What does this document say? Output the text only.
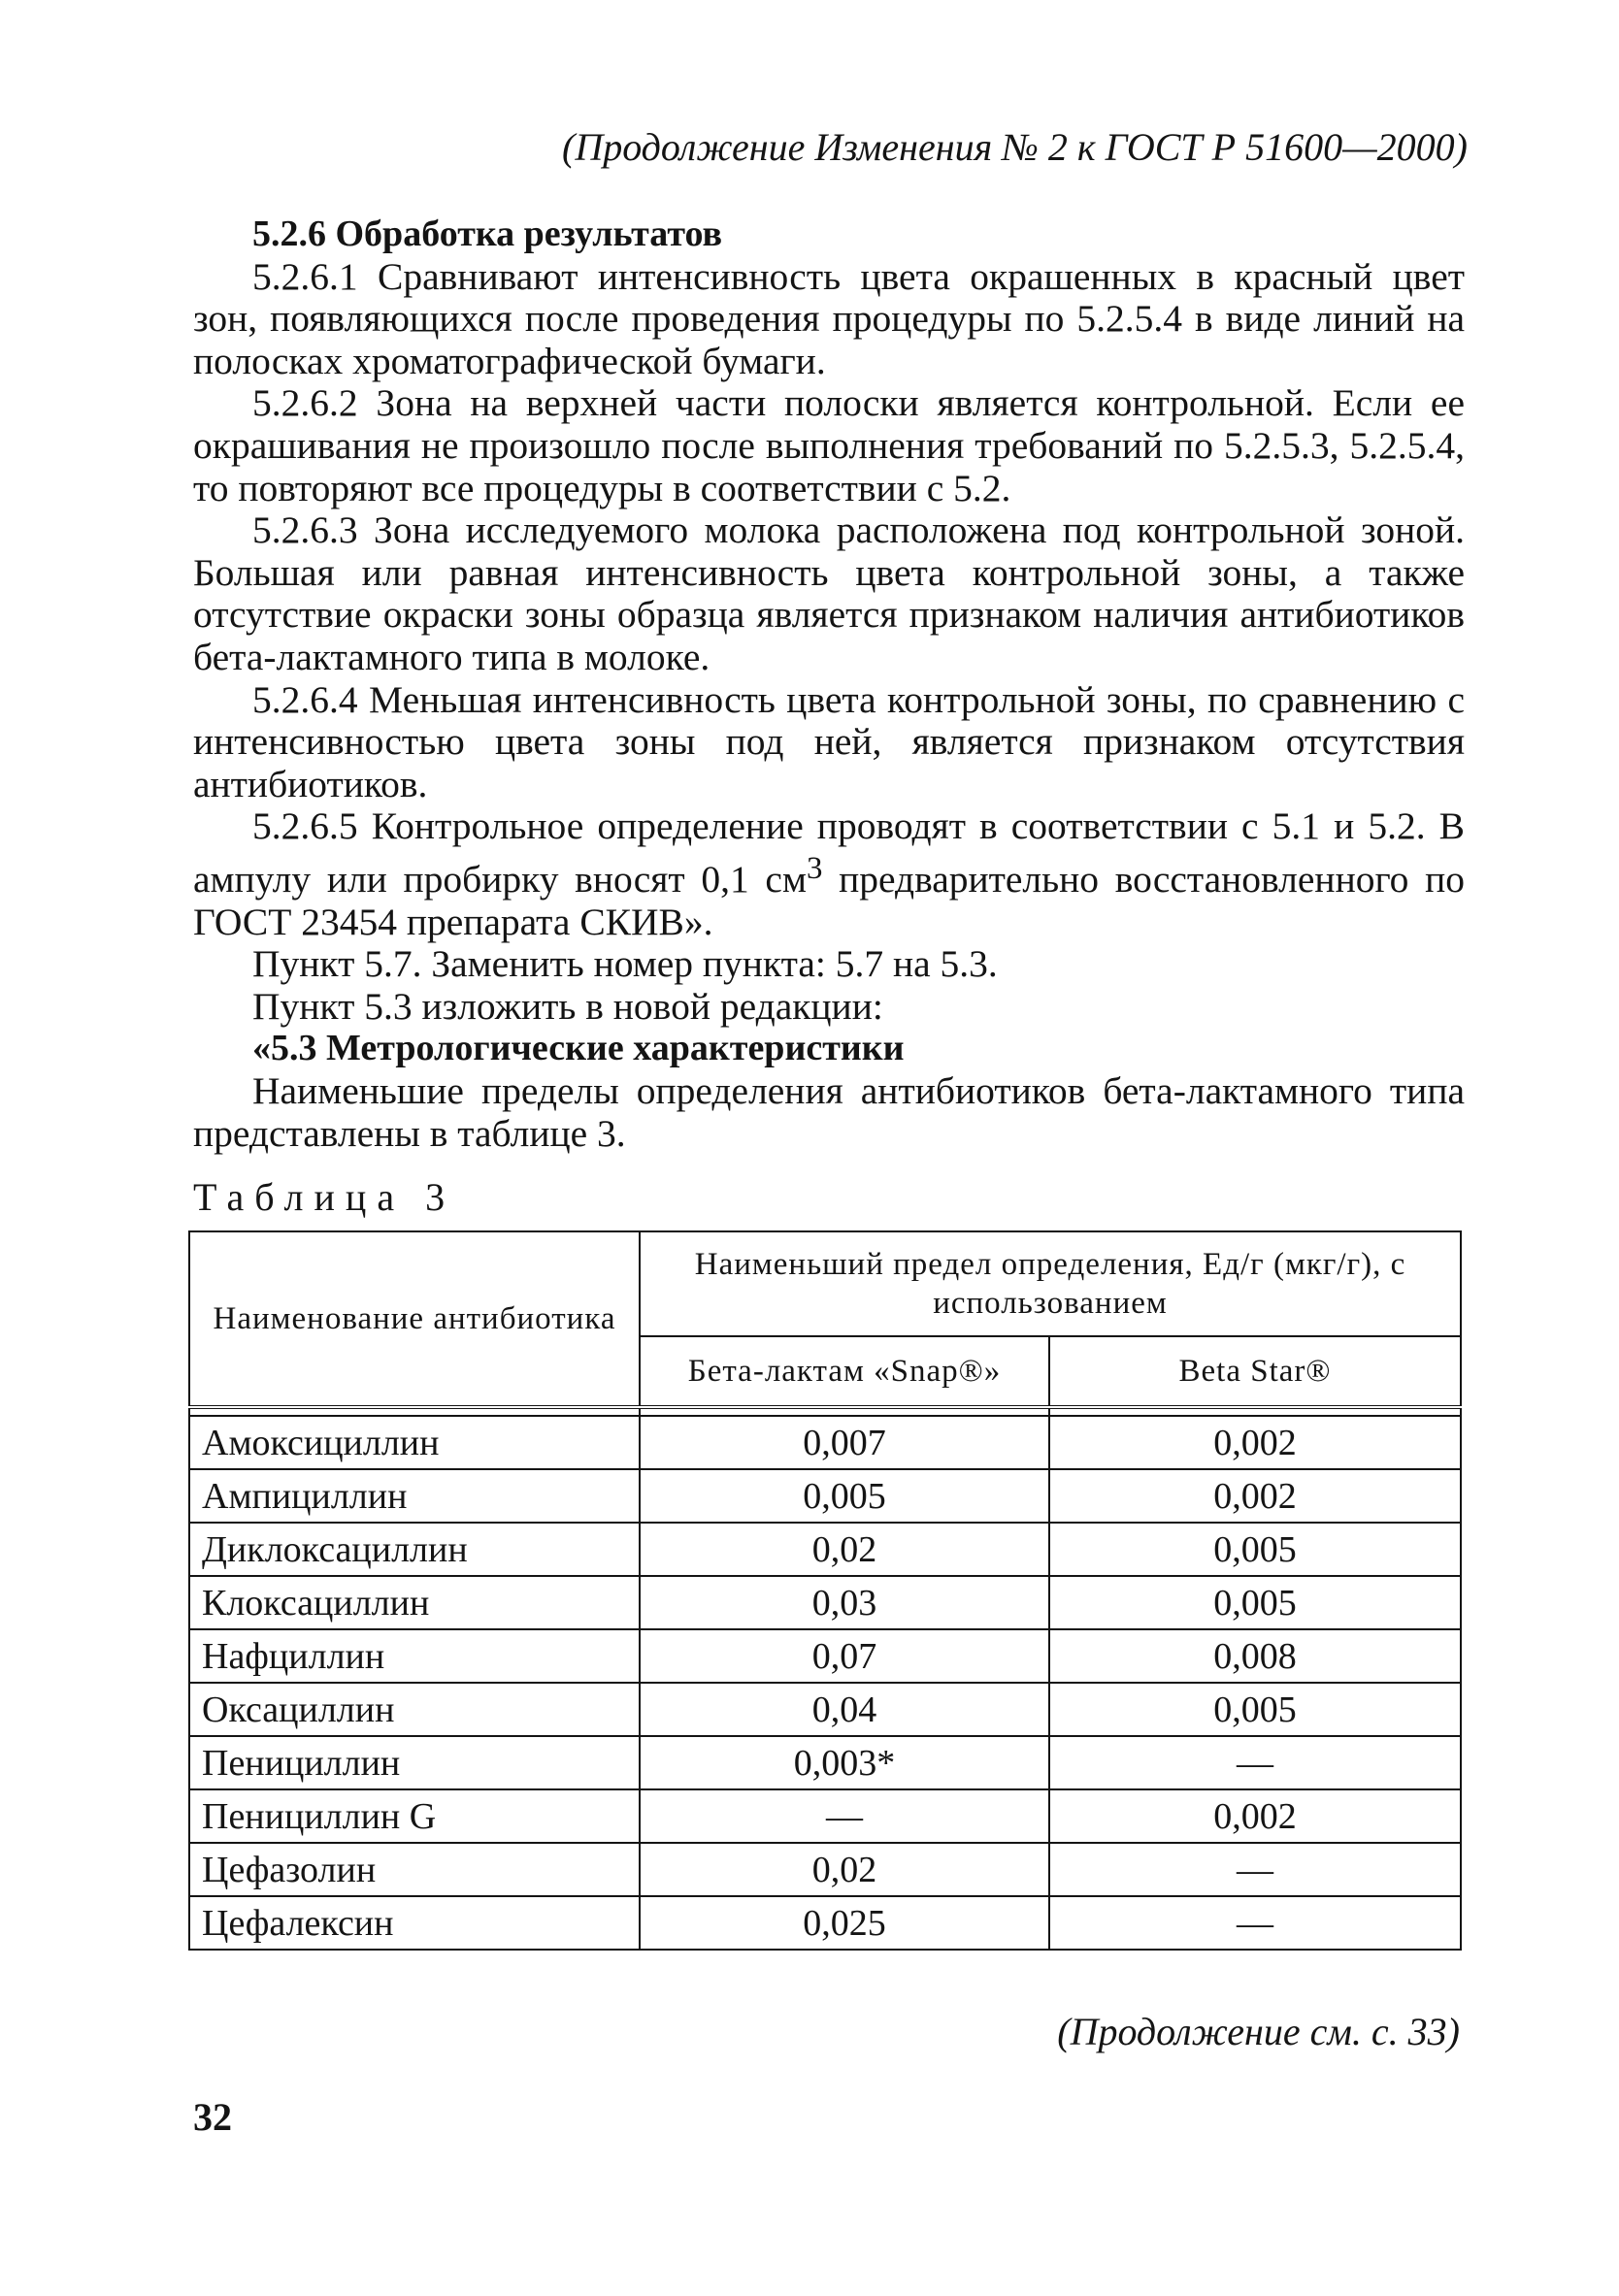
(Продолжение Изменения № 2 к ГОСТ Р 51600—2000)

5.2.6 Обработка результатов

5.2.6.1 Сравнивают интенсивность цвета окрашенных в красный цвет зон, появляющихся после проведения процедуры по 5.2.5.4 в виде линий на полосках хроматографической бумаги.

5.2.6.2 Зона на верхней части полоски является контрольной. Если ее окрашивания не произошло после выполнения требований по 5.2.5.3, 5.2.5.4, то повторяют все процедуры в соответствии с 5.2.

5.2.6.3 Зона исследуемого молока расположена под контрольной зоной. Большая или равная интенсивность цвета контрольной зоны, а также отсутствие окраски зоны образца является признаком наличия антибиотиков бета-лактамного типа в молоке.

5.2.6.4 Меньшая интенсивность цвета контрольной зоны, по сравнению с интенсивностью цвета зоны под ней, является признаком отсутствия антибиотиков.

5.2.6.5 Контрольное определение проводят в соответствии с 5.1 и 5.2. В ампулу или пробирку вносят 0,1 $см^3$ предварительно восстановленного по ГОСТ 23454 препарата СКИВ».

Пункт 5.7. Заменить номер пункта: 5.7 на 5.3.

Пункт 5.3 изложить в новой редакции:

«5.3 Метрологические характеристики

Наименьшие пределы определения антибиотиков бета-лактамного типа представлены в таблице 3.

Таблица 3
Наименование антибиотика	Наименьший предел определения, Ед/г (мкг/г), с использованием	
	Бета-лактам «Snap®»	Beta Star®

Амоксициллин	0,007	0,002
Ампициллин	0,005	0,002
Диклоксациллин	0,02	0,005
Клоксациллин	0,03	0,005
Нафциллин	0,07	0,008
Оксациллин	0,04	0,005
Пенициллин	0,003*	—
Пенициллин G	—	0,002
Цефазолин	0,02	—
Цефалексин	0,025	—
(Продолжение см. с. 33)
32
